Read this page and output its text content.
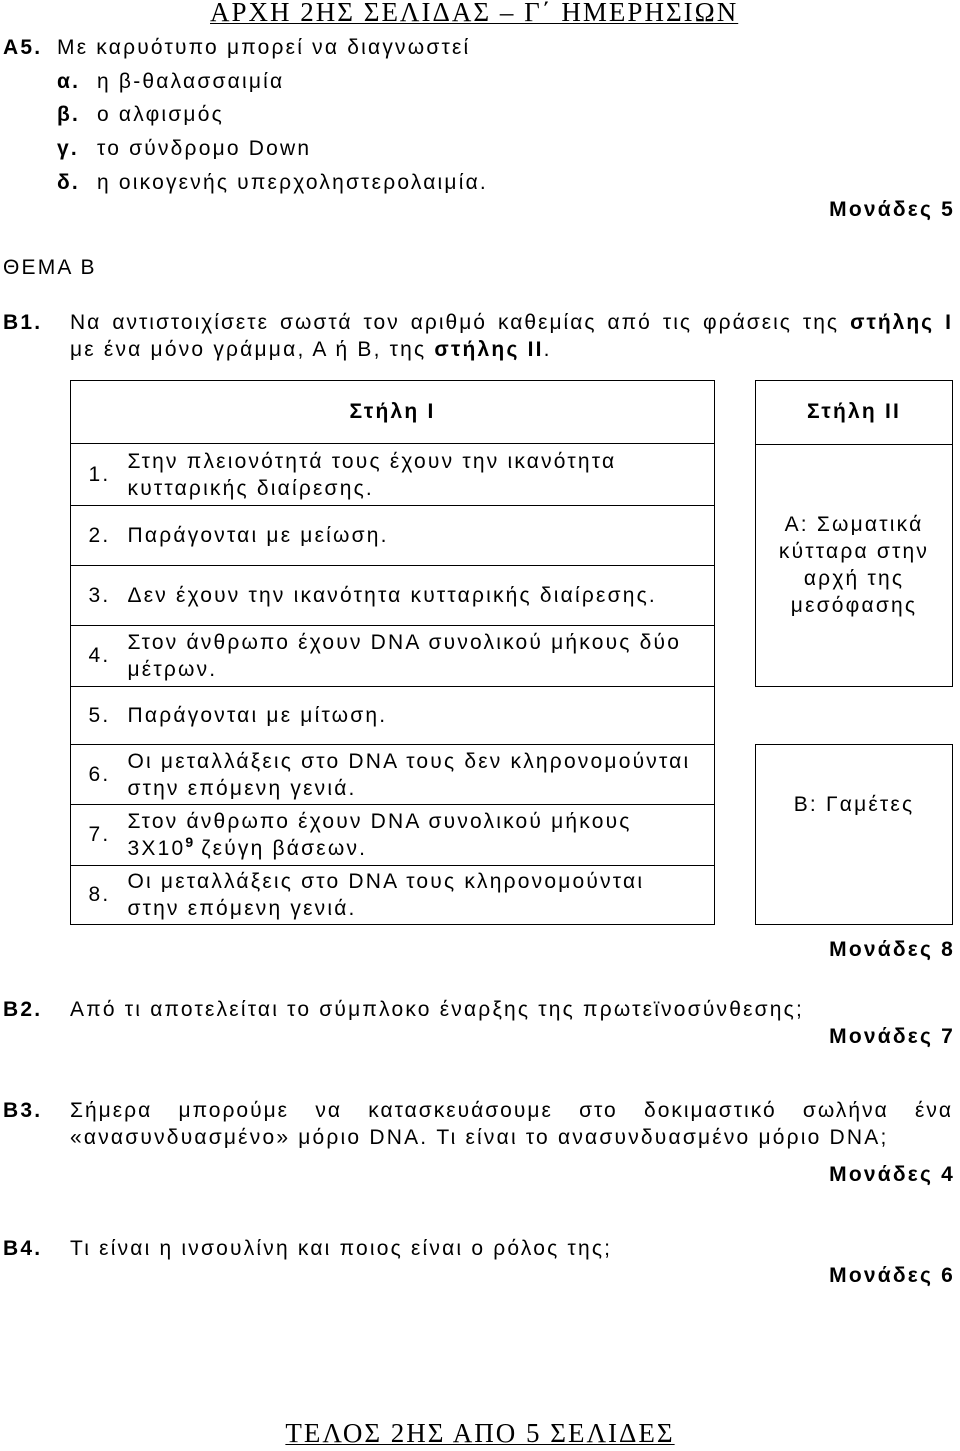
ΑΡΧΗ 2ΗΣ ΣΕΛΙΔΑΣ – Γ΄ ΗΜΕΡΗΣΙΩΝ
Α5. Με καρυότυπο μπορεί να διαγνωστεί
α. η β-θαλασσαιμία
β. ο αλφισμός
γ. το σύνδρομο Down
δ. η οικογενής υπερχοληστερολαιμία.
Μονάδες 5
ΘΕΜΑ Β
Β1. Να αντιστοιχίσετε σωστά τον αριθμό καθεμίας από τις φράσεις της στήλης I
με ένα μόνο γράμμα, Α ή Β, της στήλης II.
Στήλη I
1.
Στην πλειονότητά τους έχουν την ικανότητα
κυτταρικής διαίρεσης.
2. Παράγονται με μείωση.
3. Δεν έχουν την ικανότητα κυτταρικής διαίρεσης.
4.
Στον άνθρωπο έχουν DNA συνολικού μήκους δύο
μέτρων.
5. Παράγονται με μίτωση.
6.
Οι μεταλλάξεις στο DNA τους δεν κληρονομούνται
στην επόμενη γενιά.
7.
Στον άνθρωπο έχουν DNA συνολικού μήκους
$3X10^9$ ζεύγη βάσεων.
8.
Οι μεταλλάξεις στο DNA τους κληρονομούνται
στην επόμενη γενιά.
Στήλη II
Α: Σωματικά
κύτταρα στην
αρχή της
μεσόφασης
Β: Γαμέτες
Μονάδες 8
Β2. Από τι αποτελείται το σύμπλοκο έναρξης της πρωτεϊνοσύνθεσης;
Μονάδες 7
Β3. Σήμερα μπορούμε να κατασκευάσουμε στο δοκιμαστικό σωλήνα ένα
«ανασυνδυασμένο» μόριο DNA. Τι είναι το ανασυνδυασμένο μόριο DNA;
Μονάδες 4
Β4. Τι είναι η ινσουλίνη και ποιος είναι ο ρόλος της;
Μονάδες 6
ΤΕΛΟΣ 2ΗΣ ΑΠΟ 5 ΣΕΛΙΔΕΣ
